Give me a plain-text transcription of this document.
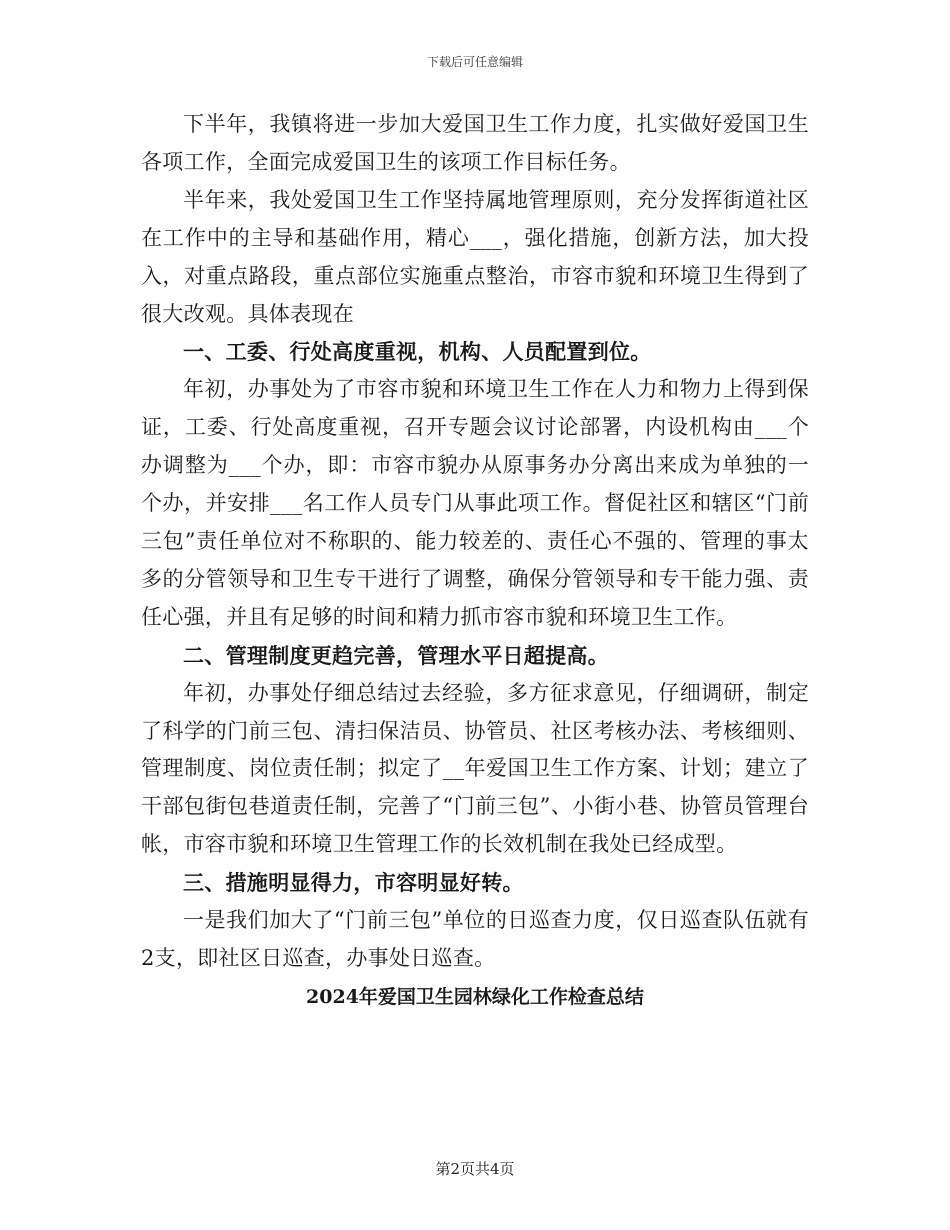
下载后可任意编辑

下半年，我镇将进一步加大爱国卫生工作力度，扎实做好爱国卫生各项工作，全面完成爱国卫生的该项工作目标任务。

半年来，我处爱国卫生工作坚持属地管理原则，充分发挥街道社区在工作中的主导和基础作用，精心___，强化措施，创新方法，加大投入，对重点路段，重点部位实施重点整治，市容市貌和环境卫生得到了很大改观。具体表现在

一、工委、行处高度重视，机构、人员配置到位。

年初，办事处为了市容市貌和环境卫生工作在人力和物力上得到保证，工委、行处高度重视，召开专题会议讨论部署，内设机构由___个办调整为___个办，即：市容市貌办从原事务办分离出来成为单独的一个办，并安排___名工作人员专门从事此项工作。督促社区和辖区“门前三包”责任单位对不称职的、能力较差的、责任心不强的、管理的事太多的分管领导和卫生专干进行了调整，确保分管领导和专干能力强、责任心强，并且有足够的时间和精力抓市容市貌和环境卫生工作。

二、管理制度更趋完善，管理水平日超提高。

年初，办事处仔细总结过去经验，多方征求意见，仔细调研，制定了科学的门前三包、清扫保洁员、协管员、社区考核办法、考核细则、管理制度、岗位责任制；拟定了__年爱国卫生工作方案、计划；建立了干部包街包巷道责任制，完善了“门前三包”、小街小巷、协管员管理台帐，市容市貌和环境卫生管理工作的长效机制在我处已经成型。

三、措施明显得力，市容明显好转。

一是我们加大了“门前三包”单位的日巡查力度，仅日巡查队伍就有2支，即社区日巡查，办事处日巡查。

2024年爱国卫生园林绿化工作检查总结

第2页共4页
